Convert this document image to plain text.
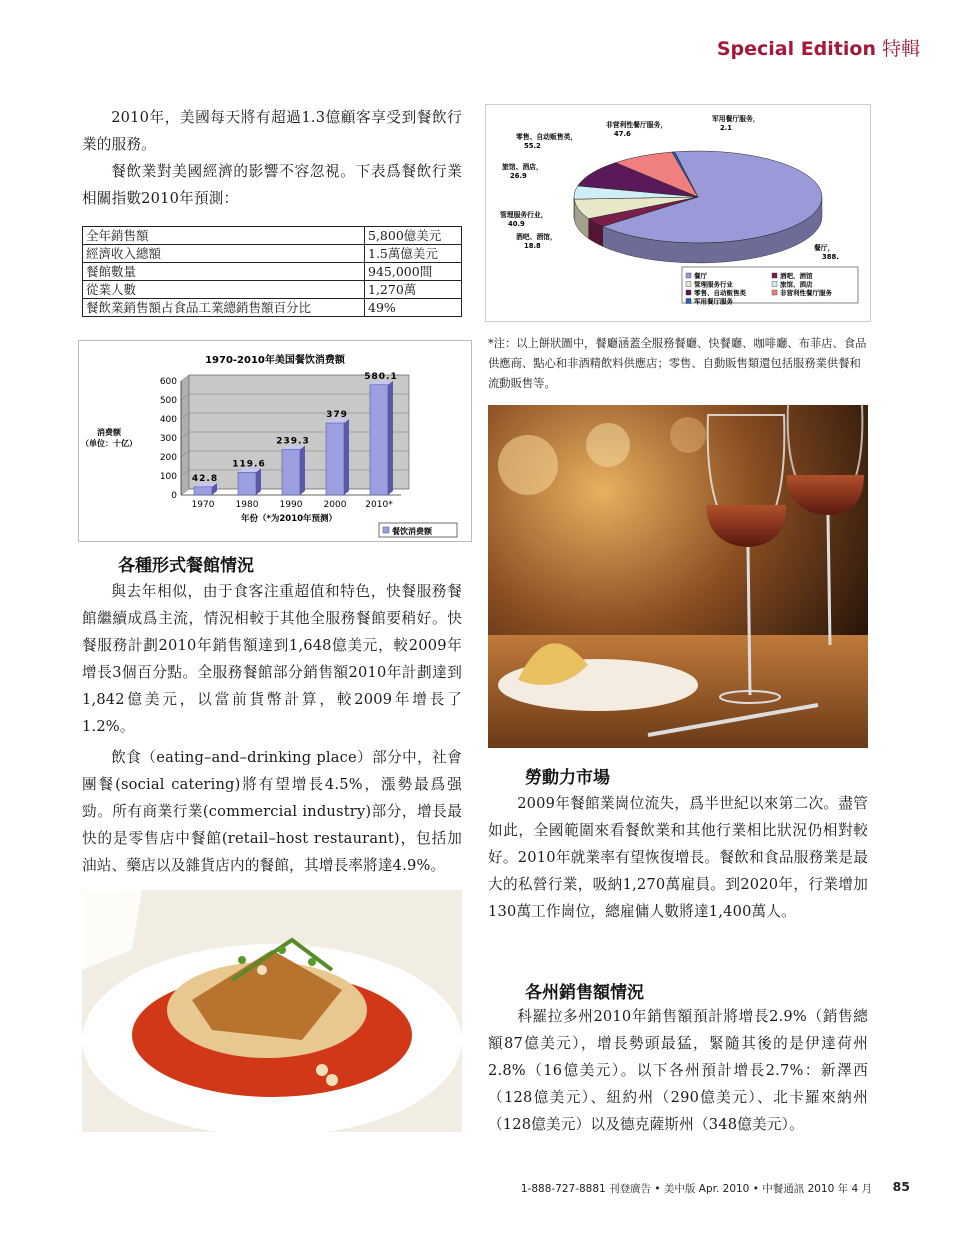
Special Edition 特輯

2010年，美國每天將有超過1.3億顧客享受到餐飲行業的服務。

餐飲業對美國經濟的影響不容忽視。下表爲餐飲行業相關指數2010年預測：

全年銷售額	5,800億美元
經濟收入總額	1.5萬億美元
餐館數量	945,000間
從業人數	1,270萬
餐飲業銷售額占食品工業總銷售額百分比	49%
1970-2010年美国餐饮消费额
0
100
200
300
400
500
600
消费额
（单位：十亿）
42.8
1970
119.6
1980
239.3
1990
379
2000
580.1
2010*
年份（*为2010年预测）
餐饮消费额
餐厅，
388.
酒吧、酒馆，
18.8
管理服务行业，
40.9
旅馆、酒店，
26.9
零售、自动贩售类，
55.2
非营利性餐厅服务，
47.6
军用餐厅服务，
2.1
餐厅	酒吧、酒馆
管理服务行业	旅馆、酒店
零售、自动贩售类	非营利性餐厅服务
军用餐厅服务
*注：以上餅狀圖中，餐廳涵蓋全服務餐廳、快餐廳、咖啡廳、布菲店、食品供應商、點心和非酒精飲料供應店；零售、自動販售類還包括服務業供餐和流動販售等。
各種形式餐館情況

與去年相似，由于食客注重超值和特色，快餐服務餐館繼續成爲主流，情況相較于其他全服務餐館要稍好。快餐服務計劃2010年銷售額達到1,648億美元，較2009年增長3個百分點。全服務餐館部分銷售額2010年計劃達到1,842億美元，以當前貨幣計算，較2009年增長了1.2%。

飲食（eating–and–drinking place）部分中，社會團餐(social catering)將有望增長4.5%，漲勢最爲强勁。所有商業行業(commercial industry)部分，增長最快的是零售店中餐館(retail–host restaurant)，包括加油站、藥店以及雜貨店内的餐館，其增長率將達4.9%。

勞動力市場

2009年餐館業崗位流失，爲半世紀以來第二次。盡管如此，全國範圍來看餐飲業和其他行業相比狀況仍相對較好。2010年就業率有望恢復增長。餐飲和食品服務業是最大的私營行業，吸納1,270萬雇員。到2020年，行業增加130萬工作崗位，總雇傭人數將達1,400萬人。

各州銷售額情況

科羅拉多州2010年銷售額預計將增長2.9%（銷售總額87億美元），增長勢頭最猛，緊隨其後的是伊達荷州2.8%（16億美元）。以下各州預計增長2.7%：新澤西（128億美元）、紐約州（290億美元）、北卡羅來納州（128億美元）以及德克薩斯州（348億美元）。

1-888-727-8881 刊登廣告 • 美中版 Apr. 2010 • 中餐通訊 2010 年 4 月 85
